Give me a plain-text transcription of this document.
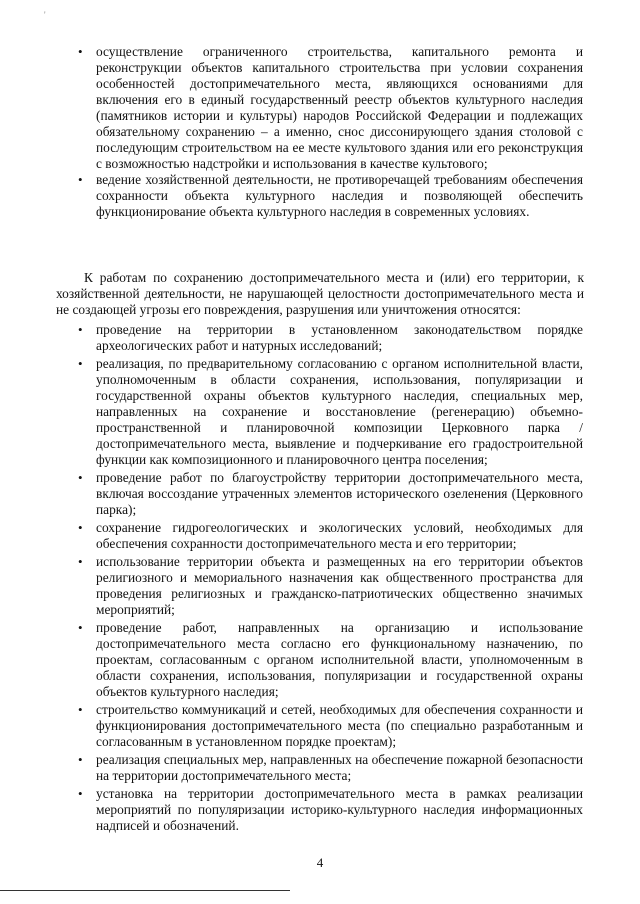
'
• осуществление ограниченного строительства, капитального ремонта и реконструкции объектов капитального строительства при условии сохранения особенностей достопримечательного места, являющихся основаниями для включения его в единый государственный реестр объектов культурного наследия (памятников истории и культуры) народов Российской Федерации и подлежащих обязательному сохранению – а именно, снос диссонирующего здания столовой с последующим строительством на ее месте культового здания или его реконструкция с возможностью надстройки и использования в качестве культового;
• ведение хозяйственной деятельности, не противоречащей требованиям обеспечения сохранности объекта культурного наследия и позволяющей обеспечить функционирование объекта культурного наследия в современных условиях.

К работам по сохранению достопримечательного места и (или) его территории, к хозяйственной деятельности, не нарушающей целостности достопримечательного места и не создающей угрозы его повреждения, разрушения или уничтожения относятся:

• проведение на территории в установленном законодательством порядке археологических работ и натурных исследований;
• реализация, по предварительному согласованию с органом исполнительной власти, уполномоченным в области сохранения, использования, популяризации и государственной охраны объектов культурного наследия, специальных мер, направленных на сохранение и восстановление (регенерацию) объемно-пространственной и планировочной композиции Церковного парка /достопримечательного места, выявление и подчеркивание его градостроительной функции как композиционного и планировочного центра поселения;
• проведение работ по благоустройству территории достопримечательного места, включая воссоздание утраченных элементов исторического озеленения (Церковного парка);
• сохранение гидрогеологических и экологических условий, необходимых для обеспечения сохранности достопримечательного места и его территории;
• использование территории объекта и размещенных на его территории объектов религиозного и мемориального назначения как общественного пространства для проведения религиозных и гражданско-патриотических общественно значимых мероприятий;
• проведение работ, направленных на организацию и использование достопримечательного места согласно его функциональному назначению, по проектам, согласованным с органом исполнительной власти, уполномоченным в области сохранения, использования, популяризации и государственной охраны объектов культурного наследия;
• строительство коммуникаций и сетей, необходимых для обеспечения сохранности и функционирования достопримечательного места (по специально разработанным и согласованным в установленном порядке проектам);
• реализация специальных мер, направленных на обеспечение пожарной безопасности на территории достопримечательного места;
• установка на территории достопримечательного места в рамках реализации мероприятий по популяризации историко-культурного наследия информационных надписей и обозначений.
4
